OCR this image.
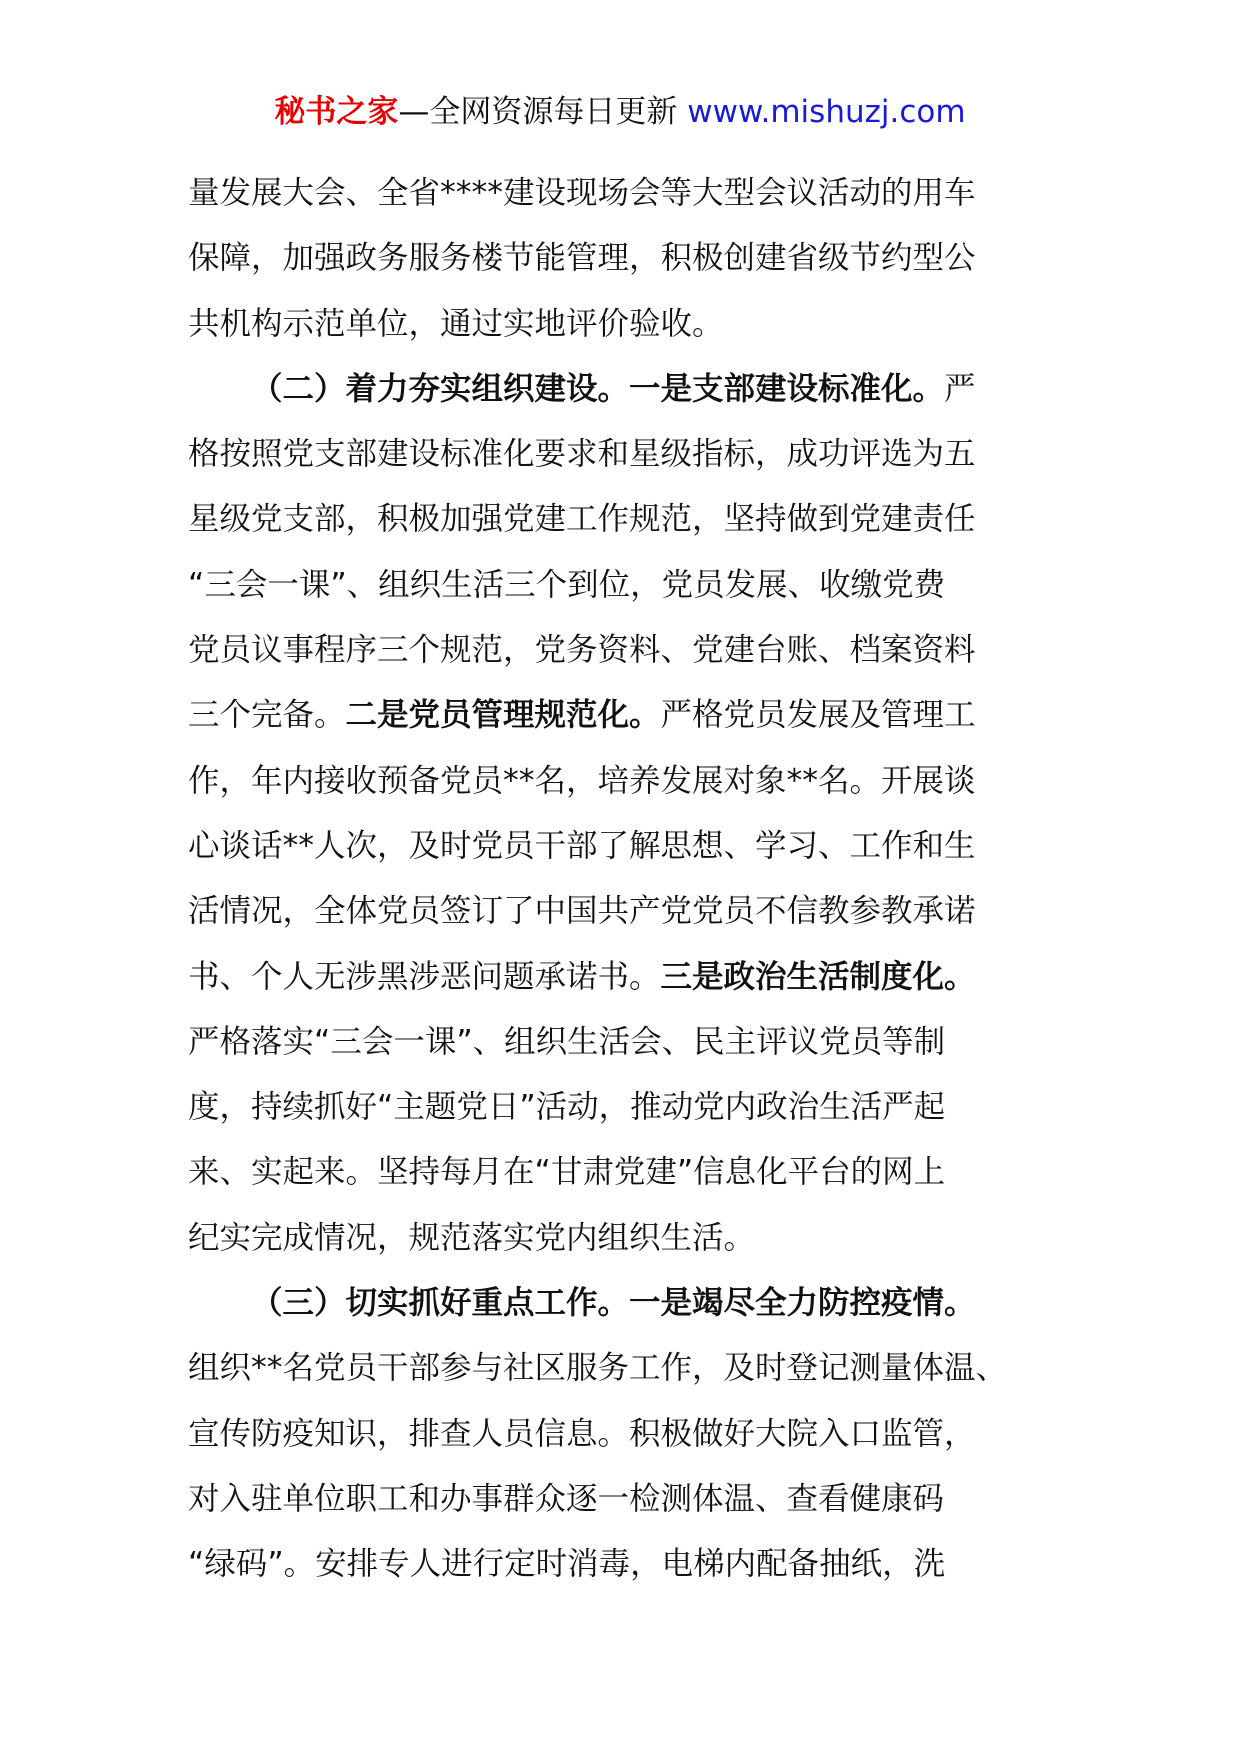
秘书之家—全网资源每日更新 www.mishuzj.com
量发展大会、全省****建设现场会等大型会议活动的用车
保障，加强政务服务楼节能管理，积极创建省级节约型公
共机构示范单位，通过实地评价验收。
（二）着力夯实组织建设。一是支部建设标准化。严
格按照党支部建设标准化要求和星级指标，成功评选为五
星级党支部，积极加强党建工作规范，坚持做到党建责任
“三会一课”、组织生活三个到位，党员发展、收缴党费
党员议事程序三个规范，党务资料、党建台账、档案资料
三个完备。二是党员管理规范化。严格党员发展及管理工
作，年内接收预备党员**名，培养发展对象**名。开展谈
心谈话**人次，及时党员干部了解思想、学习、工作和生
活情况，全体党员签订了中国共产党党员不信教参教承诺
书、个人无涉黑涉恶问题承诺书。三是政治生活制度化。
严格落实“三会一课”、组织生活会、民主评议党员等制
度，持续抓好“主题党日”活动，推动党内政治生活严起
来、实起来。坚持每月在“甘肃党建”信息化平台的网上
纪实完成情况，规范落实党内组织生活。
（三）切实抓好重点工作。一是竭尽全力防控疫情。
组织**名党员干部参与社区服务工作，及时登记测量体温、
宣传防疫知识，排查人员信息。积极做好大院入口监管，
对入驻单位职工和办事群众逐一检测体温、查看健康码
“绿码”。安排专人进行定时消毒，电梯内配备抽纸，洗
